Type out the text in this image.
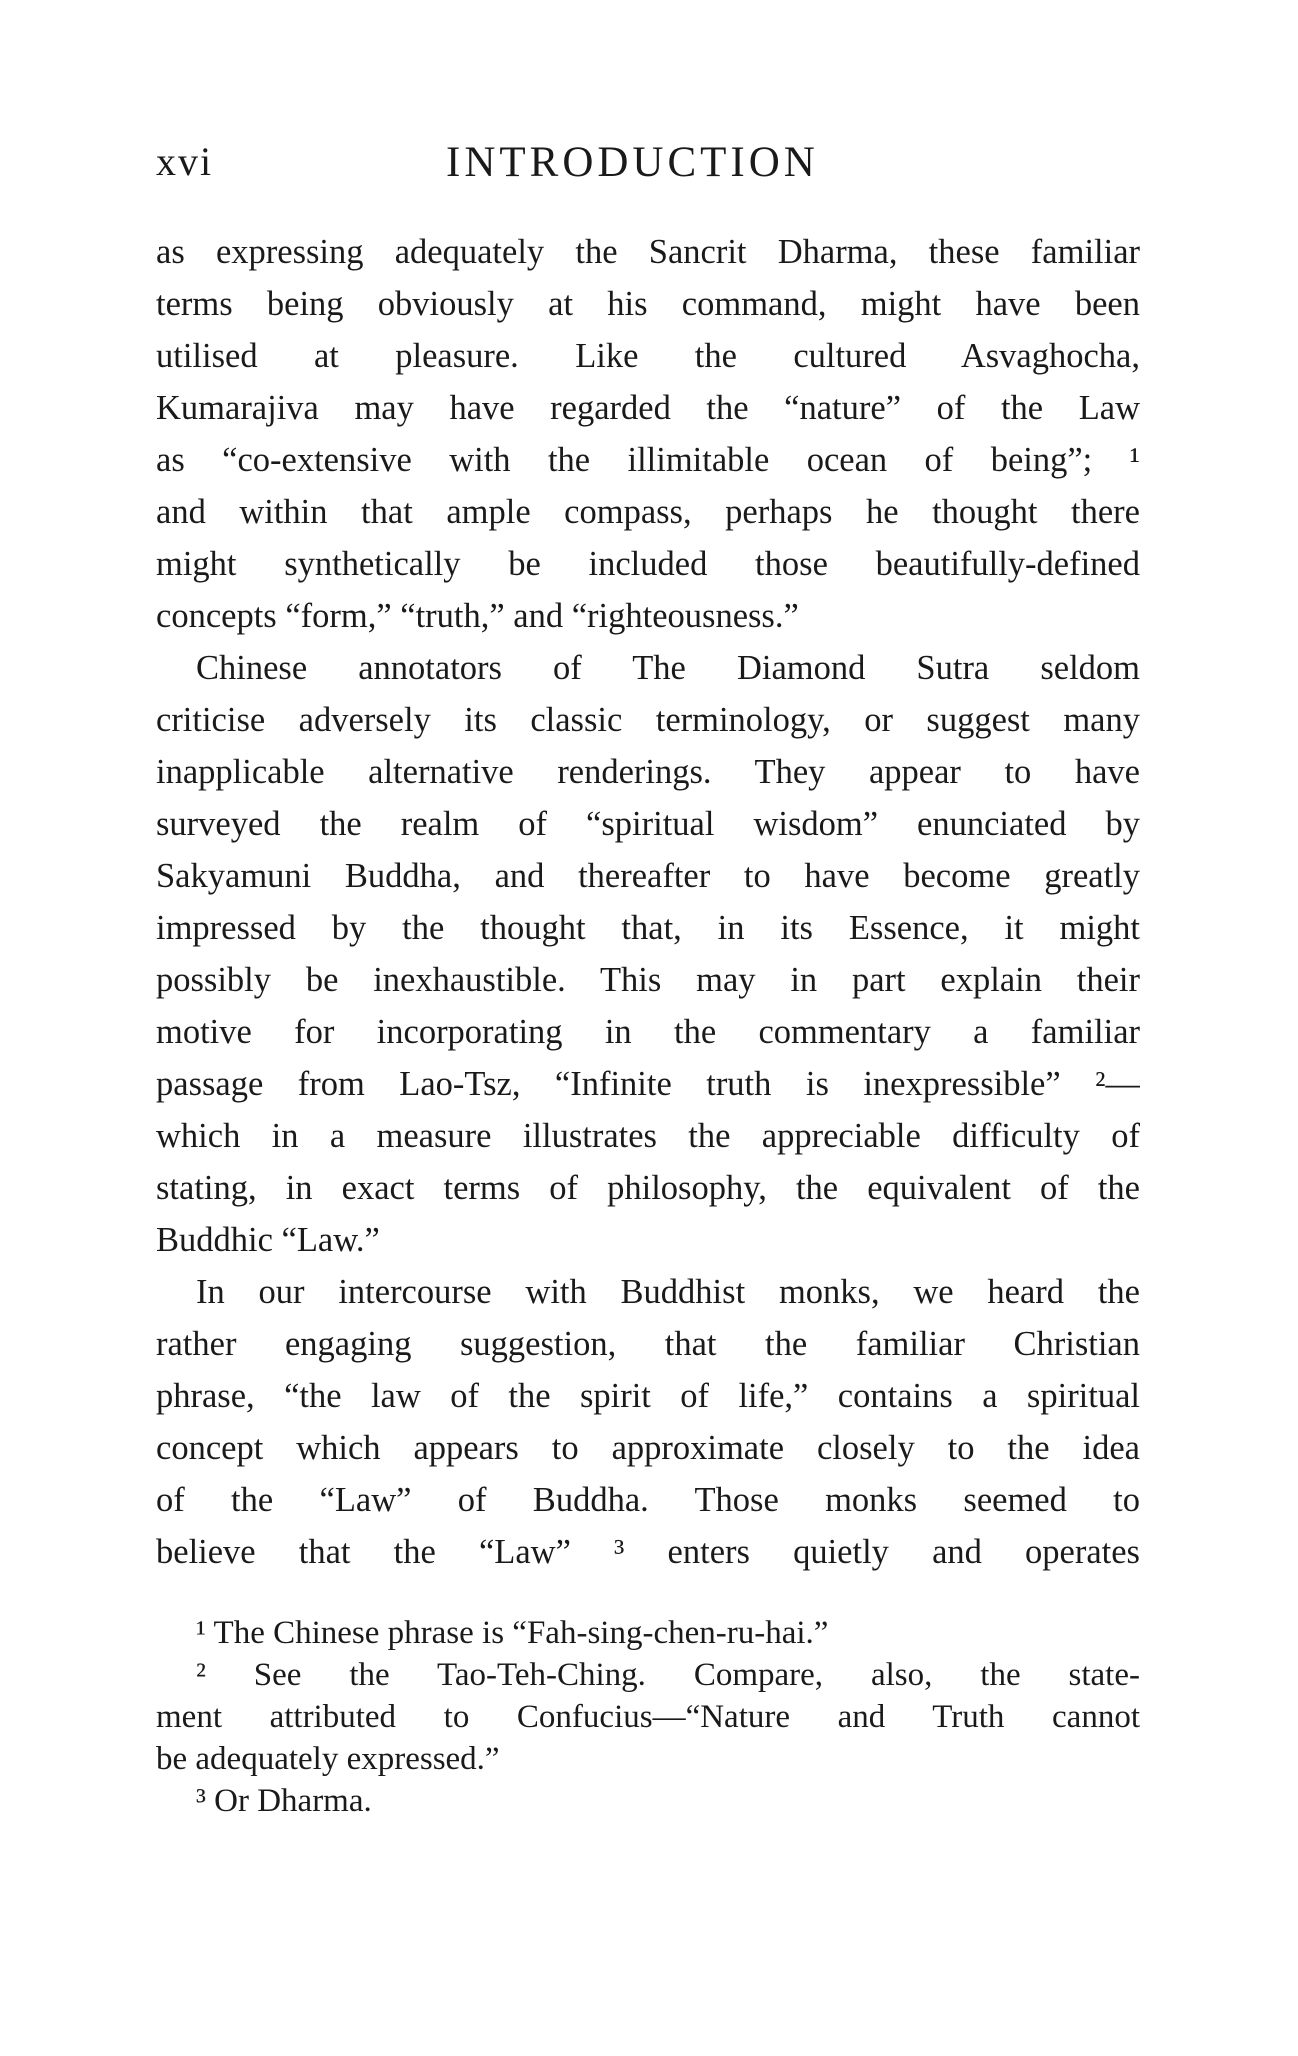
xvi	INTRODUCTION
as expressing adequately the Sancrit Dharma, these familiar
terms being obviously at his command, might have been
utilised at pleasure. Like the cultured Asvaghocha,
Kumarajiva may have regarded the “nature” of the Law
as “co-extensive with the illimitable ocean of being”; ¹
and within that ample compass, perhaps he thought there
might synthetically be included those beautifully-defined
concepts “form,” “truth,” and “righteousness.”
Chinese annotators of The Diamond Sutra seldom
criticise adversely its classic terminology, or suggest many
inapplicable alternative renderings. They appear to have
surveyed the realm of “spiritual wisdom” enunciated by
Sakyamuni Buddha, and thereafter to have become greatly
impressed by the thought that, in its Essence, it might
possibly be inexhaustible. This may in part explain their
motive for incorporating in the commentary a familiar
passage from Lao-Tsz, “Infinite truth is inexpressible” ²—
which in a measure illustrates the appreciable difficulty of
stating, in exact terms of philosophy, the equivalent of the
Buddhic “Law.”
In our intercourse with Buddhist monks, we heard the
rather engaging suggestion, that the familiar Christian
phrase, “the law of the spirit of life,” contains a spiritual
concept which appears to approximate closely to the idea
of the “Law” of Buddha. Those monks seemed to
believe that the “Law” ³ enters quietly and operates
¹ The Chinese phrase is “Fah-sing-chen-ru-hai.”
² See the Tao-Teh-Ching. Compare, also, the state-
ment attributed to Confucius—“Nature and Truth cannot
be adequately expressed.”
³ Or Dharma.
